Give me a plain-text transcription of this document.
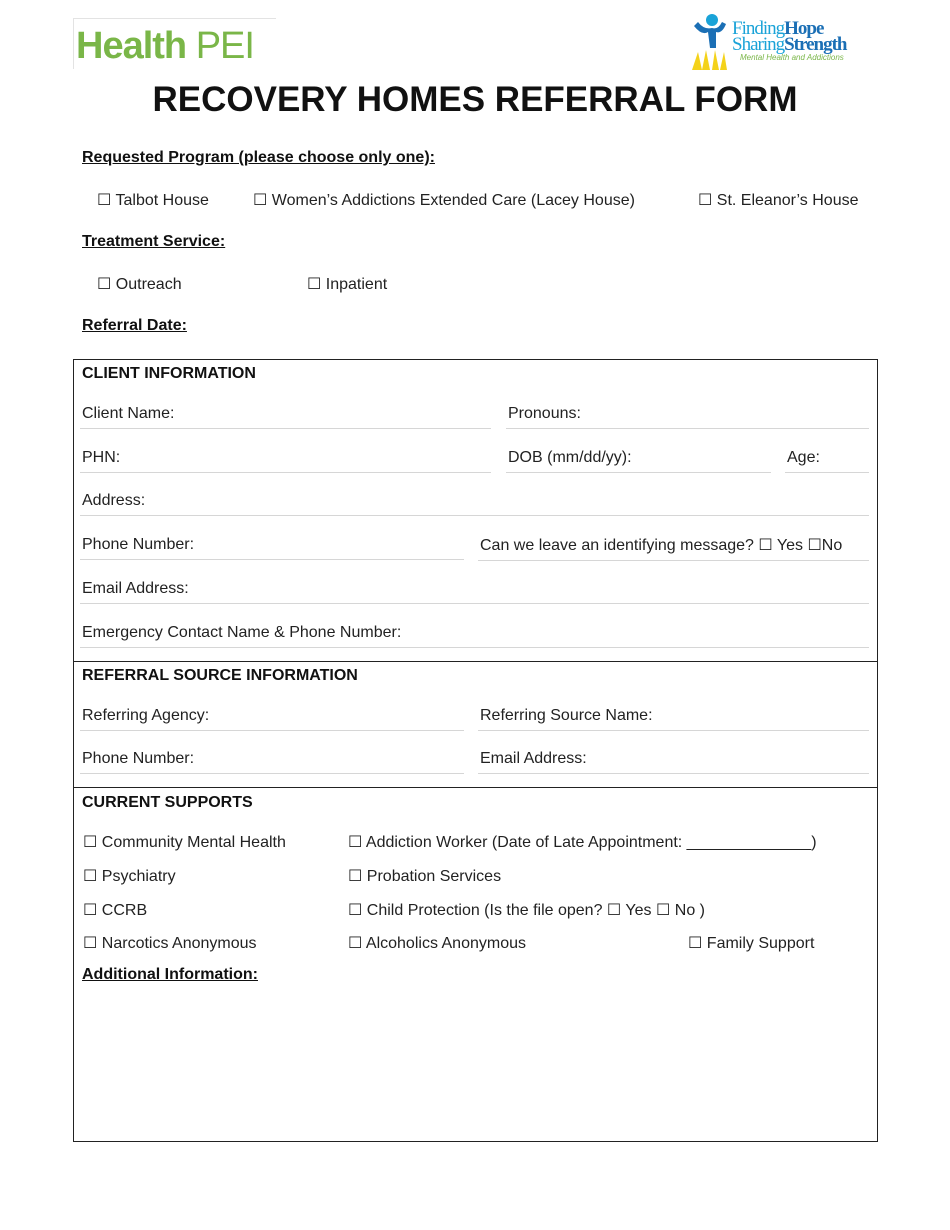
Health PEI	FindingHope
SharingStrength
Mental Health and Addictions
RECOVERY HOMES REFERRAL FORM
Requested Program (please choose only one):
☐ Talbot House	☐ Women’s Addictions Extended Care (Lacey House)	☐ St. Eleanor’s House
Treatment Service:
☐ Outreach	☐ Inpatient
Referral Date:
CLIENT INFORMATION
Client Name:	Pronouns:
PHN:	DOB (mm/dd/yy):	Age:
Address:
Phone Number:	Can we leave an identifying message? ☐ Yes ☐No
Email Address:
Emergency Contact Name & Phone Number:
REFERRAL SOURCE INFORMATION
Referring Agency:	Referring Source Name:
Phone Number:	Email Address:
CURRENT SUPPORTS
☐ Community Mental Health	☐ Addiction Worker (Date of Late Appointment: ______________)
☐ Psychiatry	☐ Probation Services
☐ CCRB	☐ Child Protection (Is the file open? ☐ Yes ☐ No )
☐ Narcotics Anonymous	☐ Alcoholics Anonymous	☐ Family Support
Additional Information:
